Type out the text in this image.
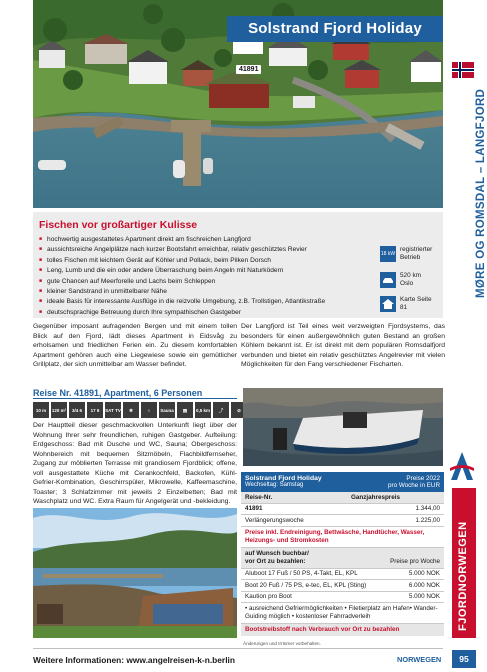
Solstrand Fjord Holiday
41891
MØRE OG ROMSDAL – LANGFJORD
FJORDNORWEGEN
95
Fischen vor großartiger Kulisse
■ hochwertig ausgestattetes Apartment direkt am fischreichen Langfjord
■ aussichtsreiche Angelplätze nach kurzer Bootsfahrt erreichbar, relativ geschütztes Revier
■ tolles Fischen mit leichtem Gerät auf Köhler und Pollack, beim Pilken Dorsch
■ Leng, Lumb und die ein oder andere Überraschung beim Angeln mit Naturködern
■ gute Chancen auf Meerforelle und Lachs beim Schleppen
■ kleiner Sandstrand in unmittelbarer Nähe
■ ideale Basis für interessante Ausflüge in die reizvolle Umgebung, z.B. Trollstigen, Atlantikstraße
■ deutschsprachige Betreuung durch Ihre sympathischen Gastgeber
18 kW
registrierter Betrieb
520 km Oslo
Karte Seite 81

Gegenüber imposant aufragenden Bergen und mit einem tollen Blick auf den Fjord, lädt dieses Apartment in Eidsvåg zu erholsamen und friedlichen Ferien ein. Zu diesem komfortablen Apartment gehören auch eine Liegewiese sowie ein gemütlicher Grillplatz, der sich unmittelbar am Wasser befindet.

Der Langfjord ist Teil eines weit verzweigten Fjordsystems, das besonders für einen außergewöhnlich guten Bestand an großen Köhlern bekannt ist. Er ist direkt mit dem populären Romsdalfjord verbunden und bietet ein relativ geschütztes Angelrevier mit vielen Möglichkeiten für den Fang verschiedener Fischarten.

Reise Nr. 41891, Apartment, 6 Personen
10 m	120 m²	3/4 6	17 6	SAT TV	❄	○	Sauna	▤	0,5 km	⤴	⊘

Der Hauptteil dieser geschmackvollen Unterkunft liegt über der Wohnung Ihrer sehr freundlichen, ruhigen Gastgeber. Aufteilung: Erdgeschoss: Bad mit Dusche und WC, Sauna; Obergeschoss: Wohnbereich mit bequemen Sitzmöbeln, Flachbildfernseher, Zugang zur möblierten Terrasse mit grandiosem Fjordblick; offene, voll ausgestattete Küche mit Cerankochfeld, Backofen, Kühl-Gefrier-Kombination, Geschirrspüler, Mikrowelle, Kaffeemaschine, Toaster; 3 Schlafzimmer mit jeweils 2 Einzelbetten; Bad mit Waschplatz und WC. Extra Raum für Angelgerät und -bekleidung.

Solstrand Fjord Holiday
Wechseltag: Samstag
Preise 2022
pro Woche in EUR
Reise-Nr.	Ganzjahrespreis
41891	1.344,00
Verlängerungswoche	1.225,00
Preise inkl. Endreinigung, Bettwäsche, Handtücher, Wasser, Heizungs- und Stromkosten
auf Wunsch buchbar/
vor Ort zu bezahlen:	Preise pro Woche
Aluboot 17 Fuß / 50 PS, 4-Takt, EL, KPL	5.000 NOK
Boot 20 Fuß / 75 PS, e-tec, EL, KPL (Sting)	6.000 NOK
Kaution pro Boot	5.000 NOK
• ausreichend Gefriermöglichkeiten • Filetierplatz am Hafen• Wander-Guiding möglich • kostenloser Fahrradverleih
Bootstreibstoff nach Verbrauch vor Ort zu bezahlen
Änderungen und Irrtümer vorbehalten.
Weitere Informationen: www.angelreisen-k-n.berlin	NORWEGEN
